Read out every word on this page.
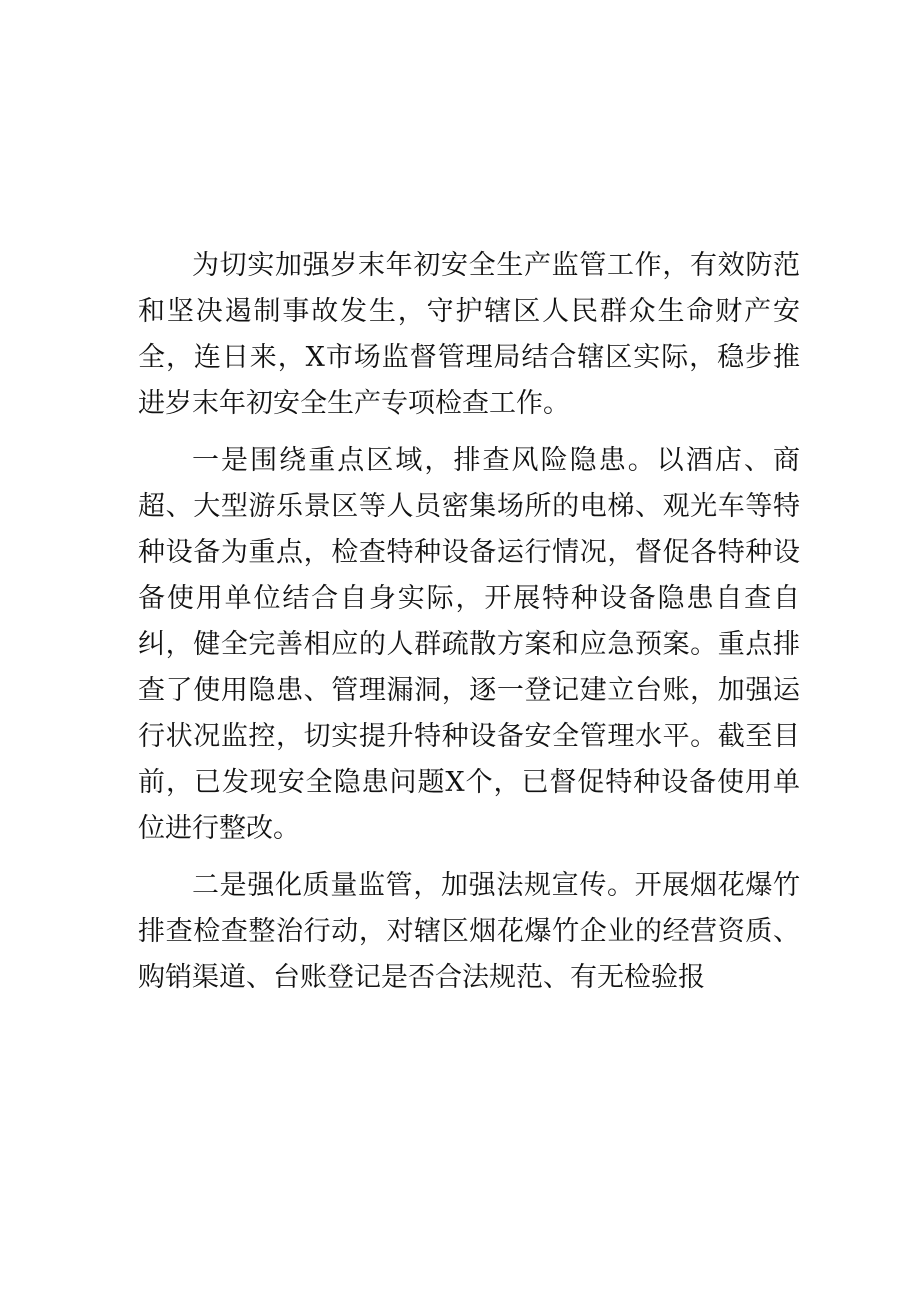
为切实加强岁末年初安全生产监管工作，有效防范和坚决遏制事故发生，守护辖区人民群众生命财产安全，连日来，X市场监督管理局结合辖区实际，稳步推进岁末年初安全生产专项检查工作。

一是围绕重点区域，排查风险隐患。以酒店、商超、大型游乐景区等人员密集场所的电梯、观光车等特种设备为重点，检查特种设备运行情况，督促各特种设备使用单位结合自身实际，开展特种设备隐患自查自纠，健全完善相应的人群疏散方案和应急预案。重点排查了使用隐患、管理漏洞，逐一登记建立台账，加强运行状况监控，切实提升特种设备安全管理水平。截至目前，已发现安全隐患问题X个，已督促特种设备使用单位进行整改。

二是强化质量监管，加强法规宣传。开展烟花爆竹排查检查整治行动，对辖区烟花爆竹企业的经营资质、购销渠道、台账登记是否合法规范、有无检验报
